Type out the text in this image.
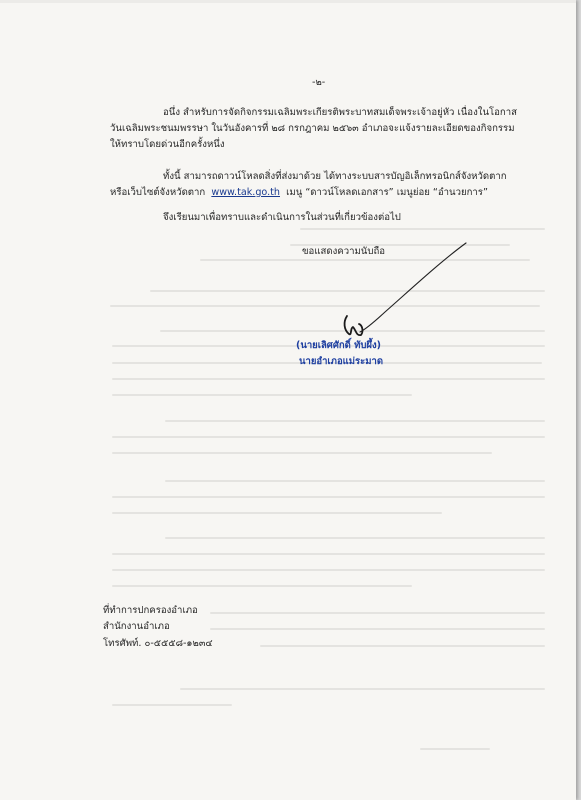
-๒-
อนึ่ง สำหรับการจัดกิจกรรมเฉลิมพระเกียรติพระบาทสมเด็จพระเจ้าอยู่หัว เนื่องในโอกาส
วันเฉลิมพระชนมพรรษา ในวันอังคารที่ ๒๘ กรกฎาคม ๒๕๖๓ อำเภอจะแจ้งรายละเอียดของกิจกรรม
ให้ทราบโดยด่วนอีกครั้งหนึ่ง
ทั้งนี้ สามารถดาวน์โหลดสิ่งที่ส่งมาด้วย ได้ทางระบบสารบัญอิเล็กทรอนิกส์จังหวัดตาก
หรือเว็บไซต์จังหวัดตาก www.tak.go.th เมนู “ดาวน์โหลดเอกสาร” เมนูย่อย “อำนวยการ”
จึงเรียนมาเพื่อทราบและดำเนินการในส่วนที่เกี่ยวข้องต่อไป
ขอแสดงความนับถือ
(นายเลิศศักดิ์ ทับผึ้ง)
นายอำเภอแม่ระมาด
ที่ทำการปกครองอำเภอ
สำนักงานอำเภอ
โทรศัพท์. ๐-๕๕๕๘-๑๒๓๔
